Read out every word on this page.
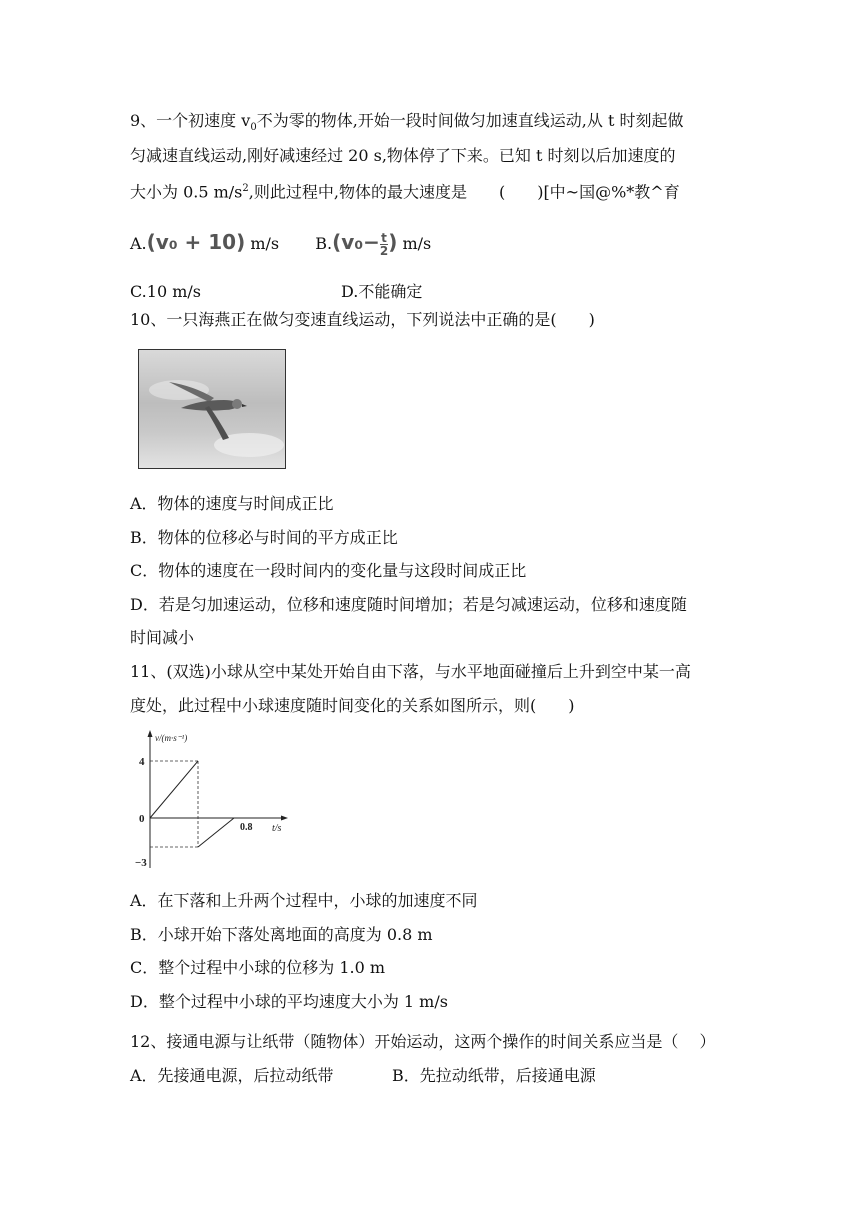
9、一个初速度 $v_0$不为零的物体,开始一段时间做匀加速直线运动,从 t 时刻起做
匀减速直线运动,刚好减速经过 20 s,物体停了下来。已知 t 时刻以后加速度的
大小为 0.5 $m/s^2$,则此过程中,物体的最大速度是　　(　　)[中~国@%*教^育
A.(v₀ + 10) m/s $B.(v_0- \frac{t}{2}$ ) m/s
C.10 m/s	D.不能确定
10、一只海燕正在做匀变速直线运动，下列说法中正确的是(　　)
A．物体的速度与时间成正比
B．物体的位移必与时间的平方成正比
C．物体的速度在一段时间内的变化量与这段时间成正比
D．若是匀加速运动，位移和速度随时间增加；若是匀减速运动，位移和速度随
时间减小
11、(双选)小球从空中某处开始自由下落，与水平地面碰撞后上升到空中某一高
度处，此过程中小球速度随时间变化的关系如图所示，则(　　)
v/(m·s⁻¹)
t/s
4
0
−3
0.8
A．在下落和上升两个过程中，小球的加速度不同
B．小球开始下落处离地面的高度为 0.8 m
C．整个过程中小球的位移为 1.0 m
D．整个过程中小球的平均速度大小为 1 m/s
12、接通电源与让纸带（随物体）开始运动，这两个操作的时间关系应当是（　 ）
A．先接通电源，后拉动纸带	B．先拉动纸带，后接通电源
